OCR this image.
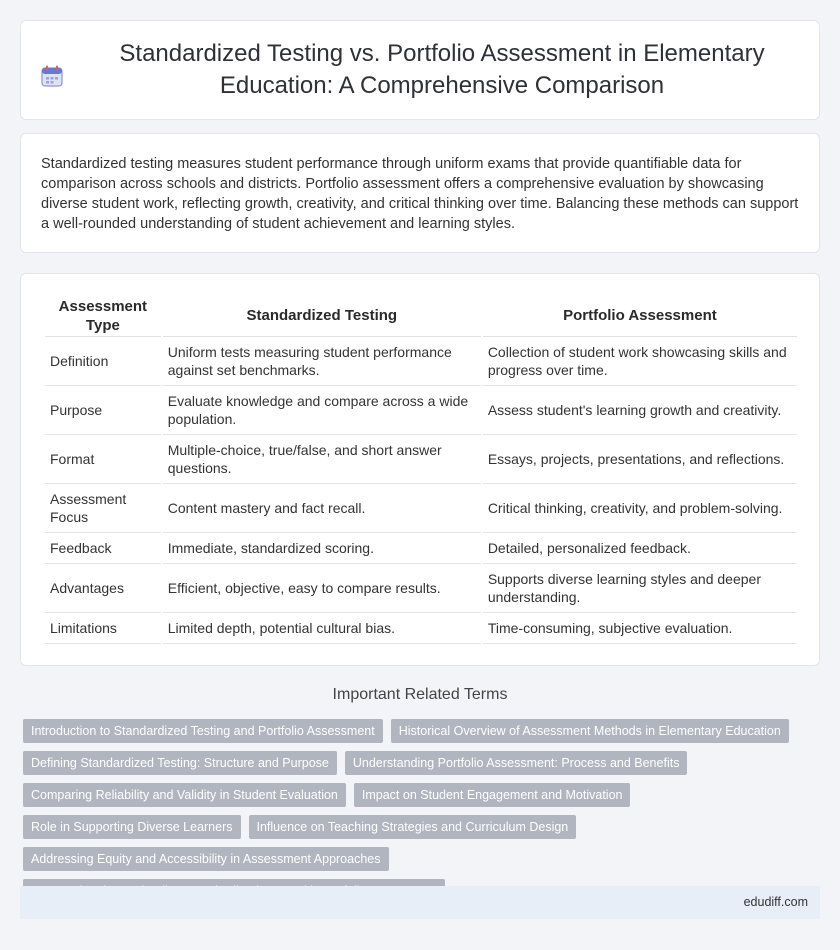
Standardized Testing vs. Portfolio Assessment in Elementary Education: A Comprehensive Comparison

Standardized testing measures student performance through uniform exams that provide quantifiable data for comparison across schools and districts. Portfolio assessment offers a comprehensive evaluation by showcasing diverse student work, reflecting growth, creativity, and critical thinking over time. Balancing these methods can support a well-rounded understanding of student achievement and learning styles.

Assessment Type	Standardized Testing	Portfolio Assessment
Definition	Uniform tests measuring student performance against set benchmarks.	Collection of student work showcasing skills and progress over time.
Purpose	Evaluate knowledge and compare across a wide population.	Assess student's learning growth and creativity.
Format	Multiple-choice, true/false, and short answer questions.	Essays, projects, presentations, and reflections.
Assessment Focus	Content mastery and fact recall.	Critical thinking, creativity, and problem-solving.
Feedback	Immediate, standardized scoring.	Detailed, personalized feedback.
Advantages	Efficient, objective, easy to compare results.	Supports diverse learning styles and deeper understanding.
Limitations	Limited depth, potential cultural bias.	Time-consuming, subjective evaluation.
Important Related Terms
Introduction to Standardized Testing and Portfolio Assessment	Historical Overview of Assessment Methods in Elementary Education
Defining Standardized Testing: Structure and Purpose	Understanding Portfolio Assessment: Process and Benefits
Comparing Reliability and Validity in Student Evaluation	Impact on Student Engagement and Motivation
Role in Supporting Diverse Learners	Influence on Teaching Strategies and Curriculum Design
Addressing Equity and Accessibility in Assessment Approaches
edudiff.com
